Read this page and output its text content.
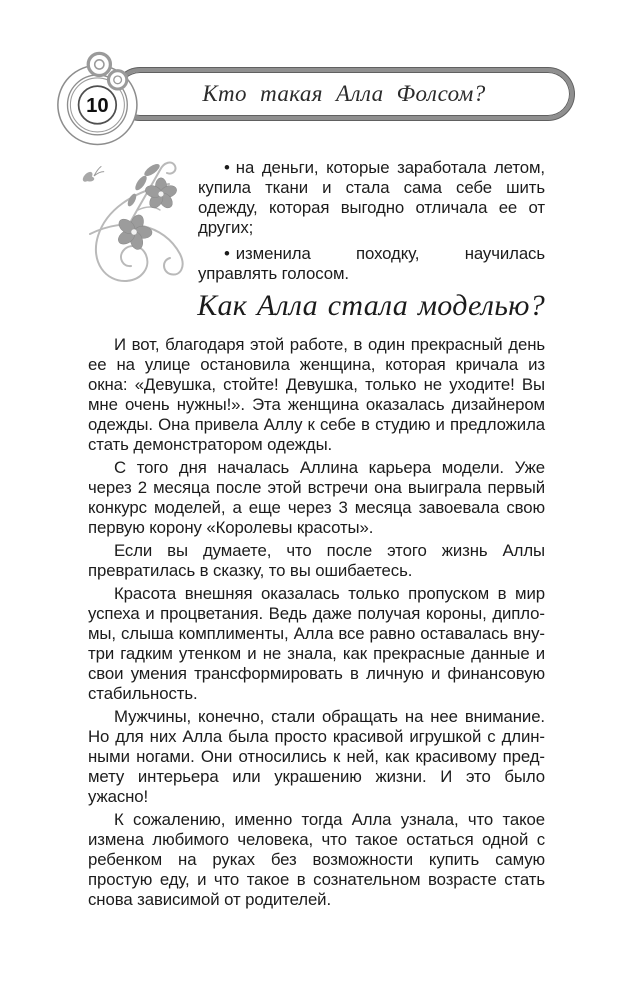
Кто такая Алла Фолсом?
10

• на деньги, которые заработала летом, купила ткани и стала сама себе шить одежду, которая выгодно отличала ее от других;

• изменила походку, научилась управлять голосом.

Как Алла стала моделью?

И вот, благодаря этой работе, в один прекрасный день ее на улице остановила женщина, которая кричала из окна: «Девушка, стойте! Девушка, только не уходите! Вы мне очень нужны!». Эта женщина оказалась дизайнером одежды. Она привела Аллу к себе в студию и предложила стать демонстратором одежды.

С того дня началась Аллина карьера модели. Уже через 2 месяца после этой встречи она выиграла первый конкурс моделей, а еще через 3 месяца завоевала свою первую корону «Королевы красоты».

Если вы думаете, что после этого жизнь Аллы превратилась в сказку, то вы ошибаетесь.

Красота внешняя оказалась только пропуском в мир успеха и процветания. Ведь даже получая короны, дипломы, слыша комплименты, Алла все равно оставалась внутри гадким утенком и не знала, как прекрасные данные и свои умения трансформировать в личную и финансовую стабильность.

Мужчины, конечно, стали обращать на нее внимание. Но для них Алла была просто красивой игрушкой с длинными ногами. Они относились к ней, как красивому предмету интерьера или украшению жизни. И это было ужасно!

К сожалению, именно тогда Алла узнала, что такое измена любимого человека, что такое остаться одной с ребенком на руках без возможности купить самую простую еду, и что такое в сознательном возрасте стать снова зависимой от родителей.
